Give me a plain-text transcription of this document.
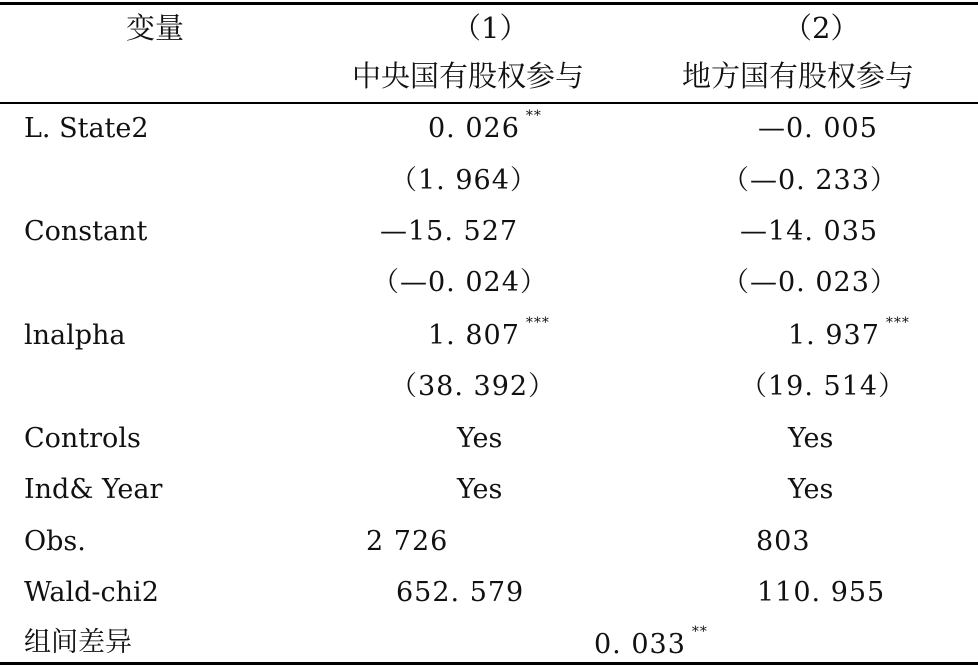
变量	（1）	（2）
中央国有股权参与	地方国有股权参与
L. State2	0. 026 **	—0. 005
（1. 964）	（—0. 233）
Constant	—15. 527	—14. 035
（—0. 024）	（—0. 023）
lnalpha	1. 807 ***	1. 937 ***
（38. 392）	（19. 514）
Controls	Yes	Yes
Ind& Year	Yes	Yes
Obs.	2 726	803
Wald-chi2	652. 579	110. 955
组间差异	0. 033 **
